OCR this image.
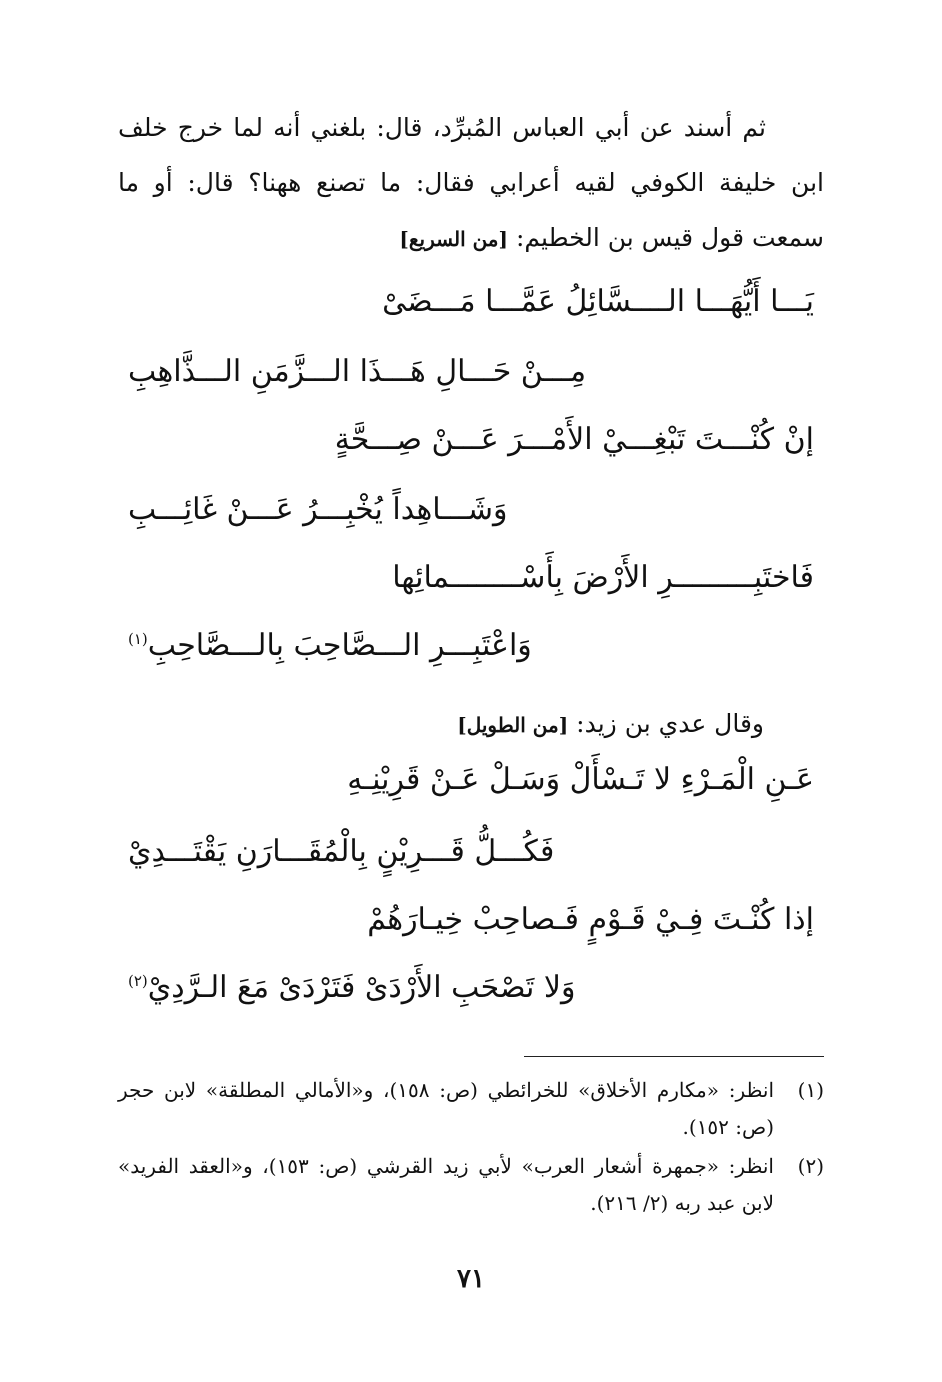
ثم أسند عن أبي العباس المُبرِّد، قال: بلغني أنه لما خرج خلف ابن خليفة الكوفي لقيه أعرابي فقال: ما تصنع ههنا؟ قال: أو ما سمعت قول قيس بن الخطيم:[من السريع]

يَـــا أَيُّهَـــا الــــسَّائِلُ عَمَّـــا مَـــضَىْ
مِـــنْ حَـــالِ هَـــذَا الـــزَّمَنِ الـــذَّاهِبِ
إنْ كُنْـــتَ تَبْغِـــيْ الأَمْـــرَ عَـــنْ صِـــحَّةٍ
وَشَـــاهِداً يُخْبِـــرُ عَـــنْ غَائِـــبِ
فَاختَبِـــــــــرِ الأَرْضَ بِأَسْــــــــمائِها
وَاعْتَبِـــرِ الـــصَّاحِبَ بِالـــصَّاحِبِ$^{(١)}$
وقال عدي بن زيد:[من الطويل]
عَـنِ الْمَـرْءِ لا تَـسْأَلْ وَسَـلْ عَـنْ قَرِيْنِـهِ
فَكُـــلُّ قَـــرِيْنٍ بِالْمُقَـــارَنِ يَقْتَـــدِيْ
إذا كُنْـتَ فِـيْ قَـوْمٍ فَـصاحِبْ خِيـارَهُمْ
وَلا تَصْحَبِ الأَرْدَىْ فَتَرْدَىْ مَعَ الـرَّدِيْ$^{(٢)}$
(١)
انظر: «مكارم الأخلاق» للخرائطي (ص: ١٥٨)، و«الأمالي المطلقة» لابن حجر (ص: ١٥٢).
(٢)
انظر: «جمهرة أشعار العرب» لأبي زيد القرشي (ص: ١٥٣)، و«العقد الفريد» لابن عبد ربه (٢/ ٢١٦).
٧١
